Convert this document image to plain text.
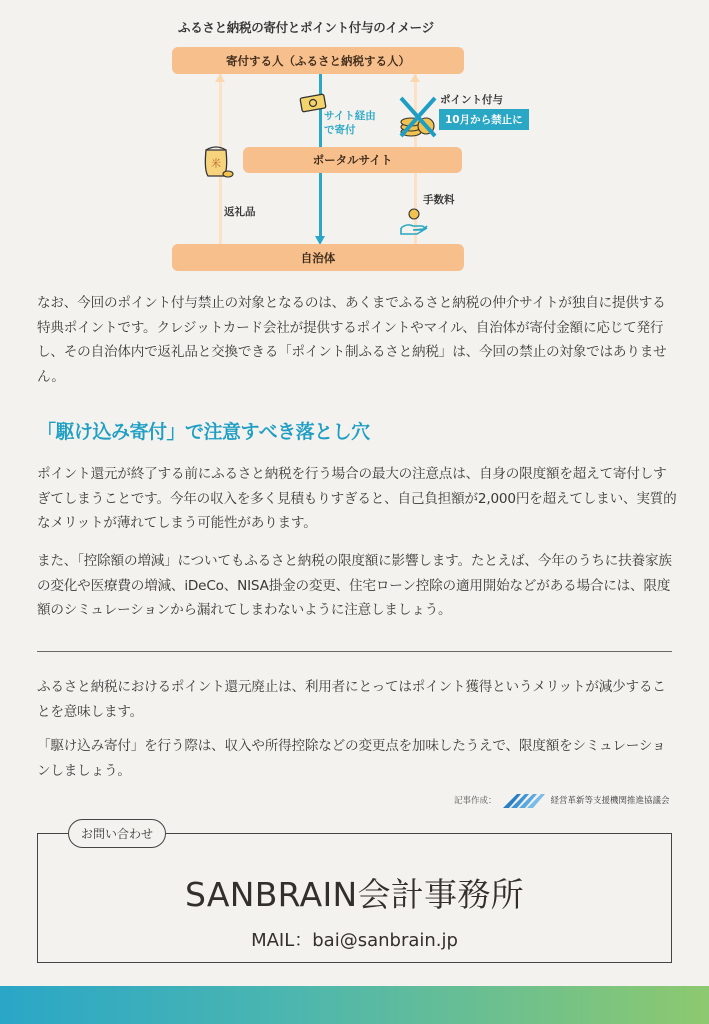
ふるさと納税の寄付とポイント付与のイメージ
寄付する人（ふるさと納税する人）
ポータルサイト
自治体
サイト経由
で寄付
米
返礼品
ポイント付与
10月から禁止に
手数料

なお、今回のポイント付与禁止の対象となるのは、あくまでふるさと納税の仲介サイトが独自に提供する特典ポイントです。クレジットカード会社が提供するポイントやマイル、自治体が寄付金額に応じて発行し、その自治体内で返礼品と交換できる「ポイント制ふるさと納税」は、今回の禁止の対象ではありません。

「駆け込み寄付」で注意すべき落とし穴

ポイント還元が終了する前にふるさと納税を行う場合の最大の注意点は、自身の限度額を超えて寄付しすぎてしまうことです。今年の収入を多く見積もりすぎると、自己負担額が2,000円を超えてしまい、実質的なメリットが薄れてしまう可能性があります。

また、「控除額の増減」についてもふるさと納税の限度額に影響します。たとえば、今年のうちに扶養家族の変化や医療費の増減、iDeCo、NISA掛金の変更、住宅ローン控除の適用開始などがある場合には、限度額のシミュレーションから漏れてしまわないように注意しましょう。

ふるさと納税におけるポイント還元廃止は、利用者にとってはポイント獲得というメリットが減少することを意味します。

「駆け込み寄付」を行う際は、収入や所得控除などの変更点を加味したうえで、限度額をシミュレーションしましょう。

記事作成：	経営革新等支援機関推進協議会
お問い合わせ
SANBRAIN会計事務所
MAIL：bai@sanbrain.jp
